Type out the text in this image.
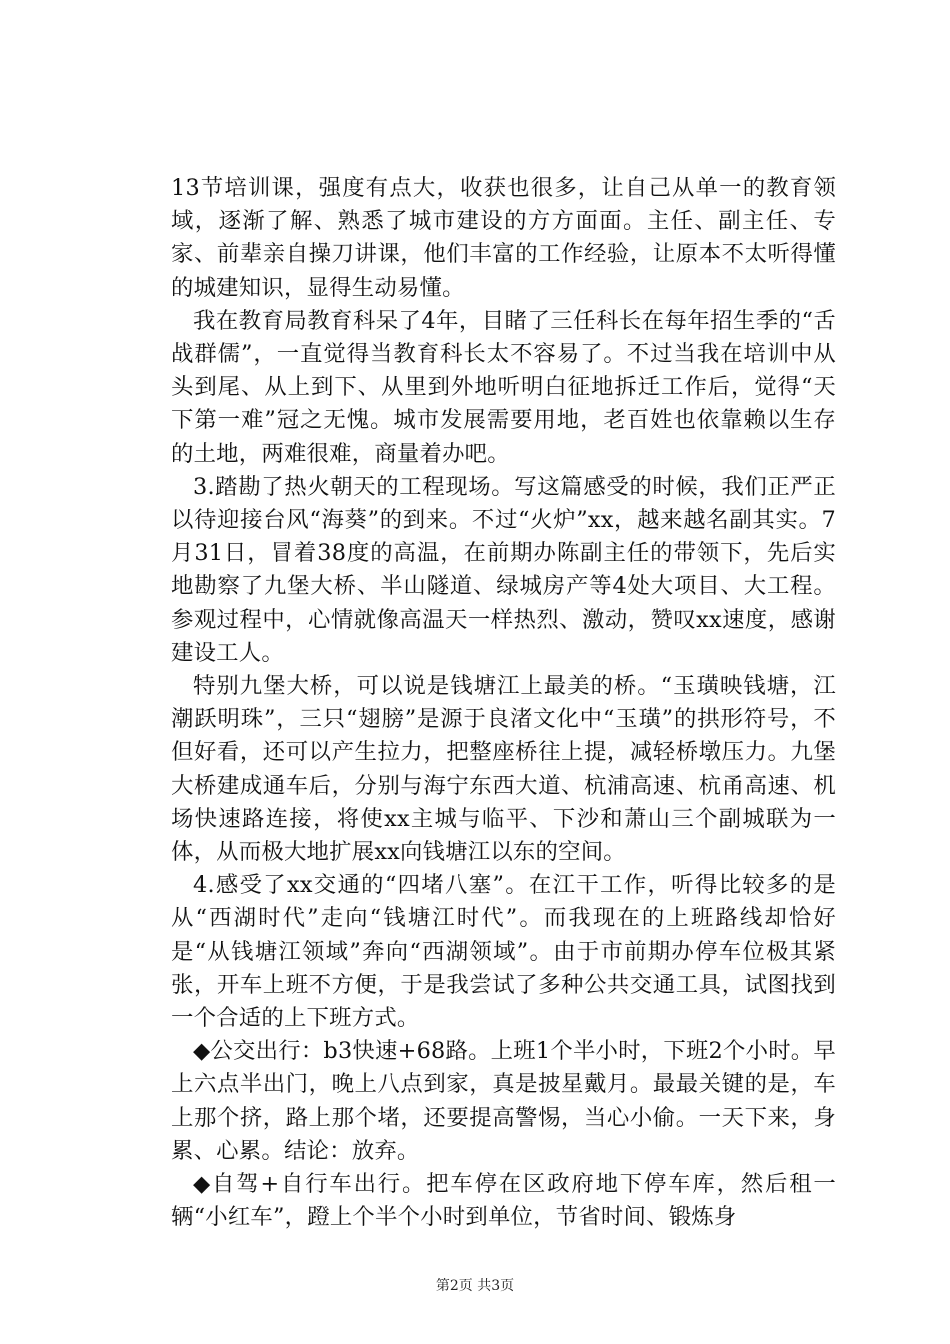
13节培训课，强度有点大，收获也很多，让自己从单一的教育领域，逐渐了解、熟悉了城市建设的方方面面。主任、副主任、专家、前辈亲自操刀讲课，他们丰富的工作经验，让原本不太听得懂的城建知识，显得生动易懂。

我在教育局教育科呆了4年，目睹了三任科长在每年招生季的“舌战群儒”，一直觉得当教育科长太不容易了。不过当我在培训中从头到尾、从上到下、从里到外地听明白征地拆迁工作后，觉得“天下第一难”冠之无愧。城市发展需要用地，老百姓也依靠赖以生存的土地，两难很难，商量着办吧。

3.踏勘了热火朝天的工程现场。写这篇感受的时候，我们正严正以待迎接台风“海葵”的到来。不过“火炉”xx，越来越名副其实。7月31日，冒着38度的高温，在前期办陈副主任的带领下，先后实地勘察了九堡大桥、半山隧道、绿城房产等4处大项目、大工程。参观过程中，心情就像高温天一样热烈、激动，赞叹xx速度，感谢建设工人。

特别九堡大桥，可以说是钱塘江上最美的桥。“玉璜映钱塘，江潮跃明珠”，三只“翅膀”是源于良渚文化中“玉璜”的拱形符号，不但好看，还可以产生拉力，把整座桥往上提，减轻桥墩压力。九堡大桥建成通车后，分别与海宁东西大道、杭浦高速、杭甬高速、机场快速路连接，将使xx主城与临平、下沙和萧山三个副城联为一体，从而极大地扩展xx向钱塘江以东的空间。

4.感受了xx交通的“四堵八塞”。在江干工作，听得比较多的是从“西湖时代”走向“钱塘江时代”。而我现在的上班路线却恰好是“从钱塘江领域”奔向“西湖领域”。由于市前期办停车位极其紧张，开车上班不方便，于是我尝试了多种公共交通工具，试图找到一个合适的上下班方式。

◆公交出行：b3快速+68路。上班1个半小时，下班2个小时。早上六点半出门，晚上八点到家，真是披星戴月。最最关键的是，车上那个挤，路上那个堵，还要提高警惕，当心小偷。一天下来，身累、心累。结论：放弃。

◆自驾+自行车出行。把车停在区政府地下停车库，然后租一辆“小红车”，蹬上个半个小时到单位，节省时间、锻炼身

第2页 共3页
